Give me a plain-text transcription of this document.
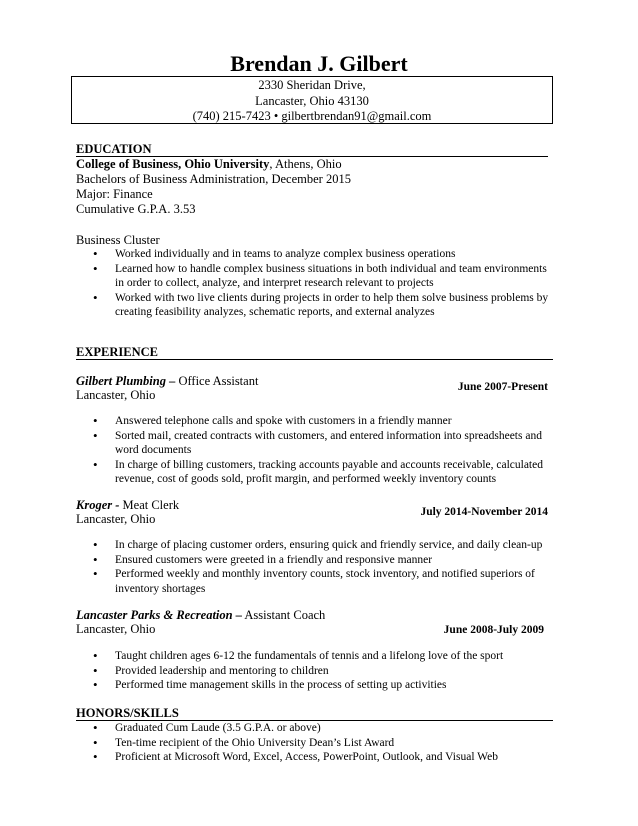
Brendan J. Gilbert
2330 Sheridan Drive,
Lancaster, Ohio 43130
(740) 215-7423 • gilbertbrendan91@gmail.com
EDUCATION
College of Business, Ohio University, Athens, Ohio
Bachelors of Business Administration, December 2015
Major: Finance
Cumulative G.P.A. 3.53
Business Cluster
• Worked individually and in teams to analyze complex business operations
• Learned how to handle complex business situations in both individual and team environments in order to collect, analyze, and interpret research relevant to projects
• Worked with two live clients during projects in order to help them solve business problems by creating feasibility analyzes, schematic reports, and external analyzes
EXPERIENCE
Gilbert Plumbing – Office Assistant	June 2007-Present
Lancaster, Ohio
• Answered telephone calls and spoke with customers in a friendly manner
• Sorted mail, created contracts with customers, and entered information into spreadsheets and word documents
• In charge of billing customers, tracking accounts payable and accounts receivable, calculated revenue, cost of goods sold, profit margin, and performed weekly inventory counts
Kroger - Meat Clerk	July 2014-November 2014
Lancaster, Ohio
• In charge of placing customer orders, ensuring quick and friendly service, and daily clean-up
• Ensured customers were greeted in a friendly and responsive manner
• Performed weekly and monthly inventory counts, stock inventory, and notified superiors of inventory shortages
Lancaster Parks & Recreation – Assistant Coach
June 2008-July 2009
Lancaster, Ohio
• Taught children ages 6-12 the fundamentals of tennis and a lifelong love of the sport
• Provided leadership and mentoring to children
• Performed time management skills in the process of setting up activities
HONORS/SKILLS
• Graduated Cum Laude (3.5 G.P.A. or above)
• Ten-time recipient of the Ohio University Dean’s List Award
• Proficient at Microsoft Word, Excel, Access, PowerPoint, Outlook, and Visual Web
